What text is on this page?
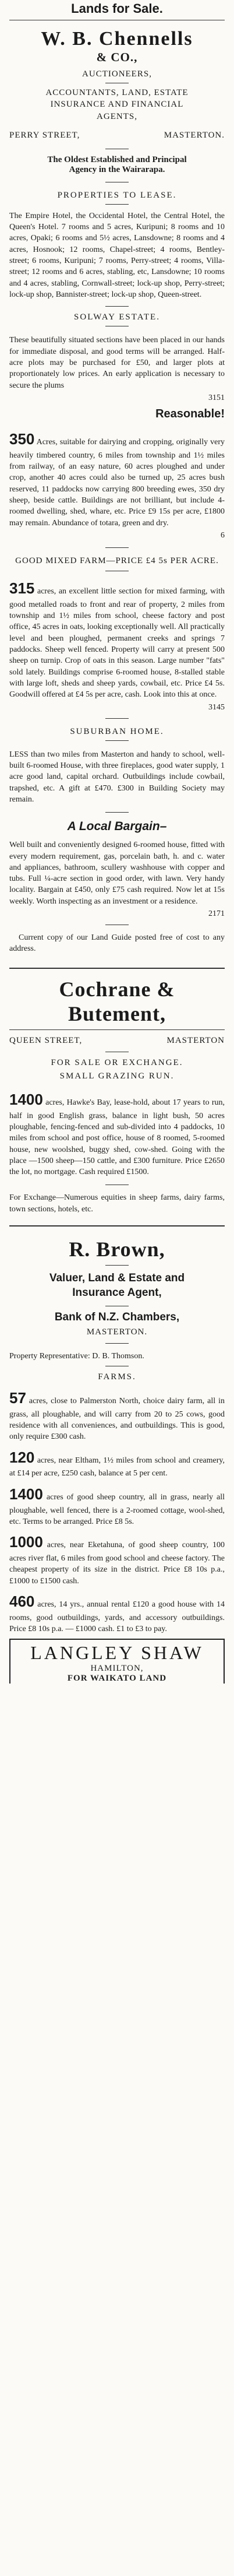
Lands for Sale.
W. B. Chennells
& CO.,
AUCTIONEERS,
ACCOUNTANTS, LAND, ESTATE
INSURANCE AND FINANCIAL
AGENTS,
PERRY STREET,	MASTERTON.
The Oldest Established and Principal
Agency in the Wairarapa.
PROPERTIES TO LEASE.
The Empire Hotel, the Occidental Hotel, the Central Hotel, the Queen's Hotel. 7 rooms and 5 acres, Kuripuni; 8 rooms and 10 acres, Opaki; 6 rooms and 5½ acres, Lansdowne; 8 rooms and 4 acres, Hosnook; 12 rooms, Chapel-street; 4 rooms, Bentley-street; 6 rooms, Kuripuni; 7 rooms, Perry-street; 4 rooms, Villa-street; 12 rooms and 6 acres, stabling, etc, Lansdowne; 10 rooms and 4 acres, stabling, Cornwall-street; lock-up shop, Perry-street; lock-up shop, Bannister-street; lock-up shop, Queen-street.
SOLWAY ESTATE.
These beautifully situated sections have been placed in our hands for immediate disposal, and good terms will be arranged. Half-acre plots may be purchased for £50, and larger plots at proportionately low prices. An early application is necessary to secure the plums
3151
Reasonable!
350 Acres, suitable for dairying and cropping, originally very heavily timbered country, 6 miles from township and 1½ miles from railway, of an easy nature, 60 acres ploughed and under crop, another 40 acres could also be turned up, 25 acres bush reserved, 11 paddocks now carrying 800 breeding ewes, 350 dry sheep, beside cattle. Buildings are not brilliant, but include 4-roomed dwelling, shed, whare, etc. Price £9 15s per acre, £1800 may remain. Abundance of totara, green and dry.
6
GOOD MIXED FARM—PRICE £4 5s PER ACRE.
315 acres, an excellent little section for mixed farming, with good metalled roads to front and rear of property, 2 miles from township and 1½ miles from school, cheese factory and post office, 45 acres in oats, looking exceptionally well. All practically level and been ploughed, permanent creeks and springs 7 paddocks. Sheep well fenced. Property will carry at present 500 sheep on turnip. Crop of oats in this season. Large number "fats" sold lately. Buildings comprise 6-roomed house, 8-stalled stable with large loft, sheds and sheep yards, cowbail, etc. Price £4 5s. Goodwill offered at £4 5s per acre, cash. Look into this at once.
3145
SUBURBAN HOME.
LESS than two miles from Masterton and handy to school, well-built 6-roomed House, with three fireplaces, good water supply, 1 acre good land, capital orchard. Outbuildings include cowbail, trapshed, etc. A gift at £470. £300 in Building Society may remain.
A Local Bargain–
Well built and conveniently designed 6-roomed house, fitted with every modern requirement, gas, porcelain bath, h. and c. water and appliances, bathroom, scullery washhouse with copper and tubs. Full ¼-acre section in good order, with lawn. Very handy locality. Bargain at £450, only £75 cash required. Now let at 15s weekly. Worth inspecting as an investment or a residence.
2171
Current copy of our Land Guide posted free of cost to any address.
Cochrane & Butement,
QUEEN STREET,	MASTERTON
FOR SALE OR EXCHANGE.
SMALL GRAZING RUN.
1400 acres, Hawke's Bay, lease-hold, about 17 years to run, half in good English grass, balance in light bush, 50 acres ploughable, fencing-fenced and sub-divided into 4 paddocks, 10 miles from school and post office, house of 8 roomed, 5-roomed house, new woolshed, buggy shed, cow-shed. Going with the place —1500 sheep—150 cattle, and £300 furniture. Price £2650 the lot, no mortgage. Cash required £1500.
For Exchange—Numerous equities in sheep farms, dairy farms, town sections, hotels, etc.
R. Brown,
Valuer, Land & Estate and
Insurance Agent,
Bank of N.Z. Chambers,
MASTERTON.
Property Representative: D. B. Thomson.
FARMS.
57 acres, close to Palmerston North, choice dairy farm, all in grass, all ploughable, and will carry from 20 to 25 cows, good residence with all conveniences, and outbuildings. This is good, only require £300 cash.
120 acres, near Eltham, 1½ miles from school and creamery, at £14 per acre, £250 cash, balance at 5 per cent.
1400 acres of good sheep country, all in grass, nearly all ploughable, well fenced, there is a 2-roomed cottage, wool-shed, etc. Terms to be arranged. Price £8 5s.
1000 acres, near Eketahuna, of good sheep country, 100 acres river flat, 6 miles from good school and cheese factory. The cheapest property of its size in the district. Price £8 10s p.a., £1000 to £1500 cash.
460 acres, 14 yrs., annual rental £120 a good house with 14 rooms, good outbuildings, yards, and accessory outbuildings. Price £8 10s p.a. — £1000 cash. £1 to £3 to pay.
LANGLEY SHAW
HAMILTON,
FOR WAIKATO LAND
